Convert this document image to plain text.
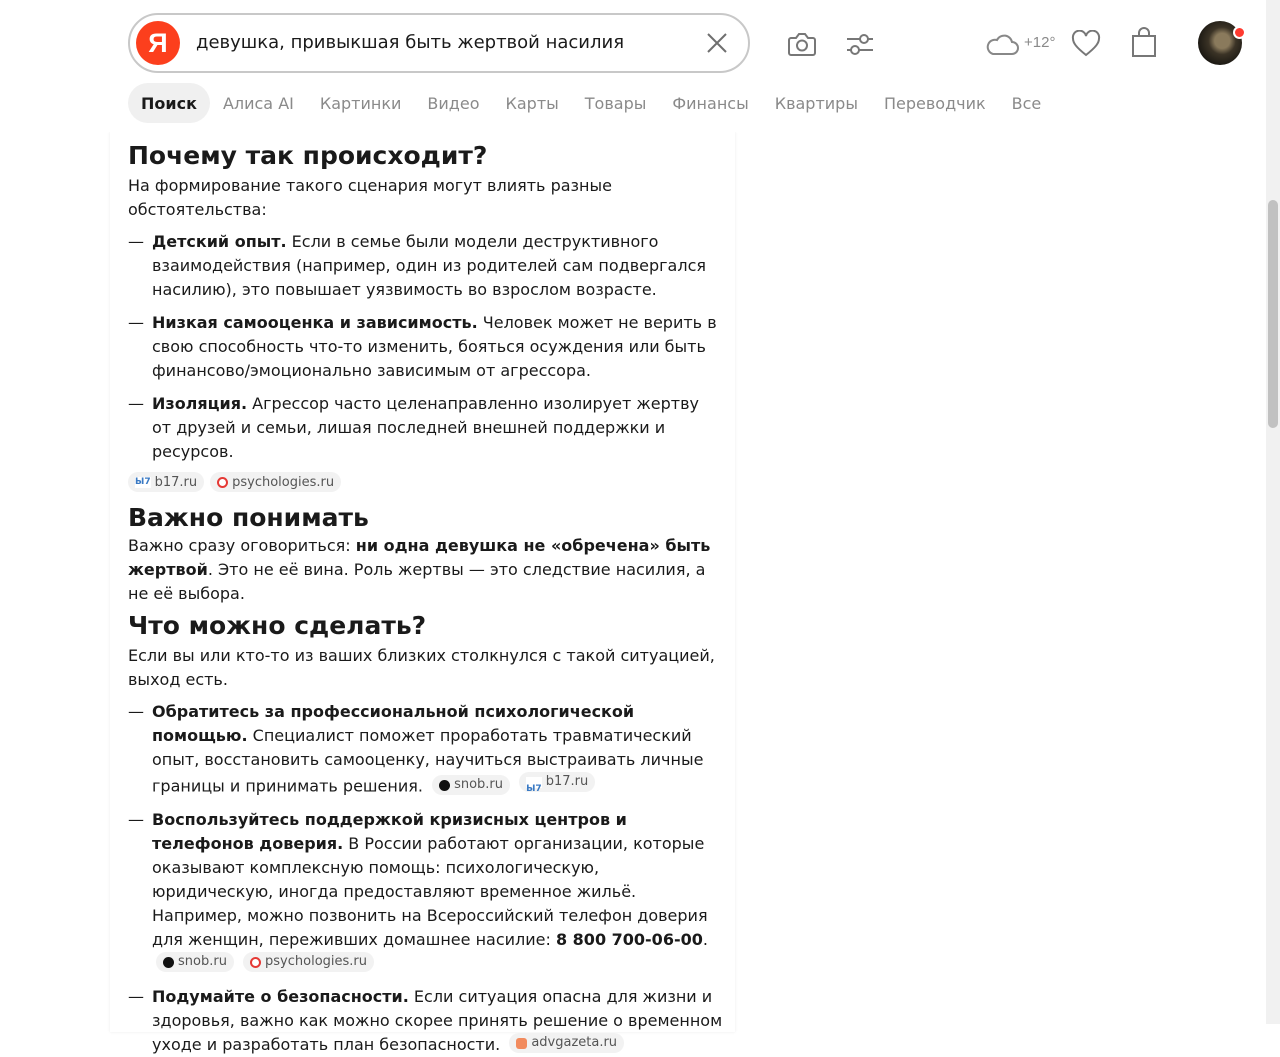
Почему так происходит?

На формирование такого сценария могут влиять разные обстоятельства:

— Детский опыт. Если в семье были модели деструктивного взаимодействия (например, один из родителей сам подвергался насилию), это повышает уязвимость во взрослом возрасте.
— Низкая самооценка и зависимость. Человек может не верить в свою способность что-то изменить, бояться осуждения или быть финансово/эмоционально зависимым от агрессора.
— Изоляция. Агрессор часто целенаправленно изолирует жертву от друзей и семьи, лишая последней внешней поддержки и ресурсов.
Ы7 b17.ru	psychologies.ru
Важно понимать

Важно сразу оговориться: ни одна девушка не «обречена» быть жертвой. Это не её вина. Роль жертвы — это следствие насилия, а не её выбора.

Что можно сделать?

Если вы или кто-то из ваших близких столкнулся с такой ситуацией, выход есть.

— Обратитесь за профессиональной психологической помощью. Специалист поможет проработать травматический опыт, восстановить самооценку, научиться выстраивать личные границы и принимать решения. snob.ru
	Ы7 b17.ru
— Воспользуйтесь поддержкой кризисных центров и телефонов доверия. В России работают организации, которые оказывают комплексную помощь: психологическую, юридическую, иногда предоставляют временное жильё. Например, можно позвонить на Всероссийский телефон доверия для женщин, переживших домашнее насилие: 8 800 700-06-00.
snob.ru
	psychologies.ru
— Подумайте о безопасности. Если ситуация опасна для жизни и здоровья, важно как можно скорее принять решение о временном уходе и разработать план безопасности. advgazeta.ru
Я	девушка, привыкшая быть жертвой насилия	+12°
Поиск	Алиса AI	Картинки	Видео	Карты	Товары	Финансы	Квартиры	Переводчик	Все
